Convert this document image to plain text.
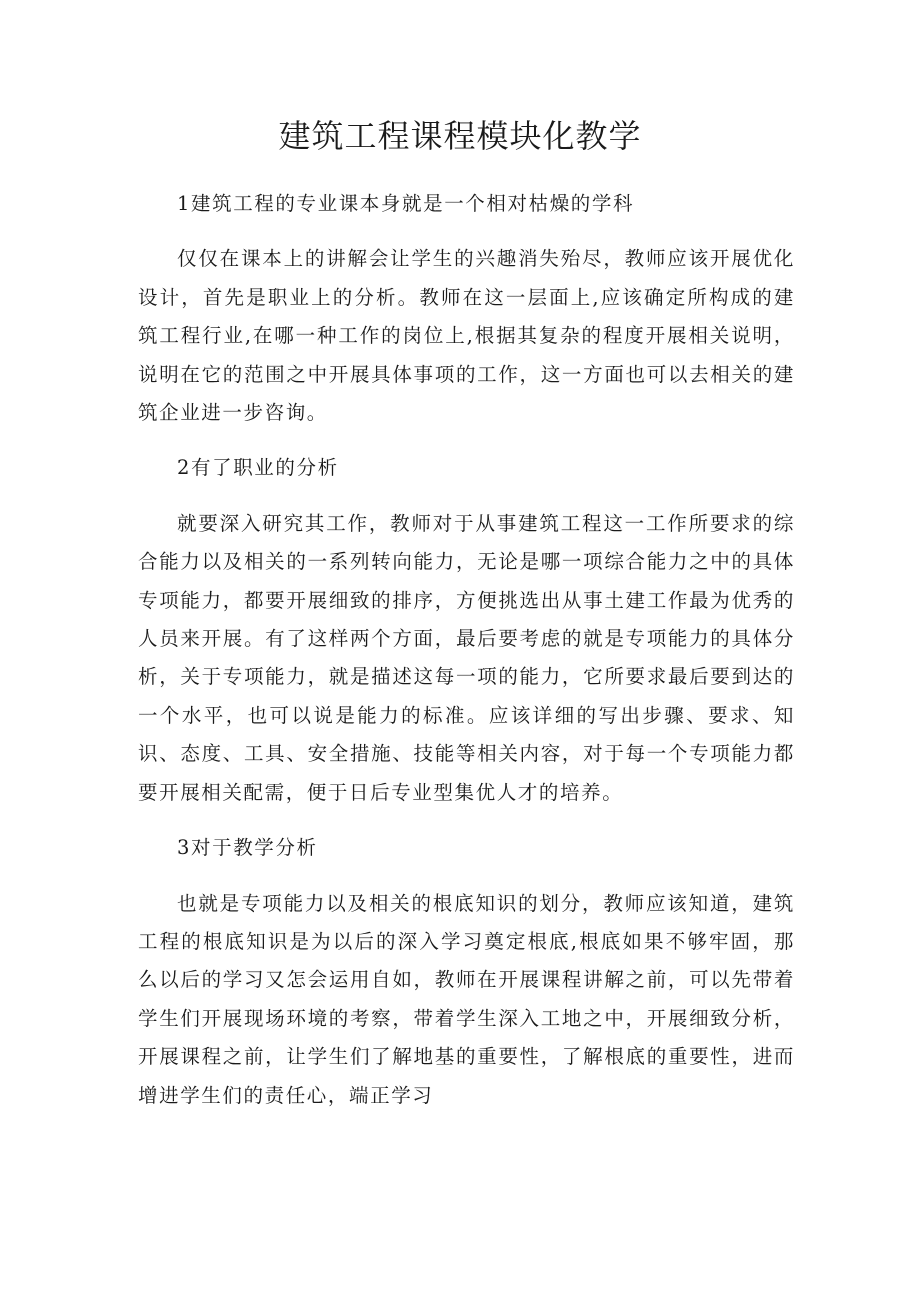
建筑工程课程模块化教学

1建筑工程的专业课本身就是一个相对枯燥的学科

仅仅在课本上的讲解会让学生的兴趣消失殆尽，教师应该开展优化设计，首先是职业上的分析。教师在这一层面上,应该确定所构成的建筑工程行业,在哪一种工作的岗位上,根据其复杂的程度开展相关说明，说明在它的范围之中开展具体事项的工作，这一方面也可以去相关的建筑企业进一步咨询。

2有了职业的分析

就要深入研究其工作，教师对于从事建筑工程这一工作所要求的综合能力以及相关的一系列转向能力，无论是哪一项综合能力之中的具体专项能力，都要开展细致的排序，方便挑选出从事土建工作最为优秀的人员来开展。有了这样两个方面，最后要考虑的就是专项能力的具体分析，关于专项能力，就是描述这每一项的能力，它所要求最后要到达的一个水平，也可以说是能力的标准。应该详细的写出步骤、要求、知识、态度、工具、安全措施、技能等相关内容，对于每一个专项能力都要开展相关配需，便于日后专业型集优人才的培养。

3对于教学分析

也就是专项能力以及相关的根底知识的划分，教师应该知道，建筑工程的根底知识是为以后的深入学习奠定根底,根底如果不够牢固，那么以后的学习又怎会运用自如，教师在开展课程讲解之前，可以先带着学生们开展现场环境的考察，带着学生深入工地之中，开展细致分析，开展课程之前，让学生们了解地基的重要性，了解根底的重要性，进而增进学生们的责任心，端正学习
